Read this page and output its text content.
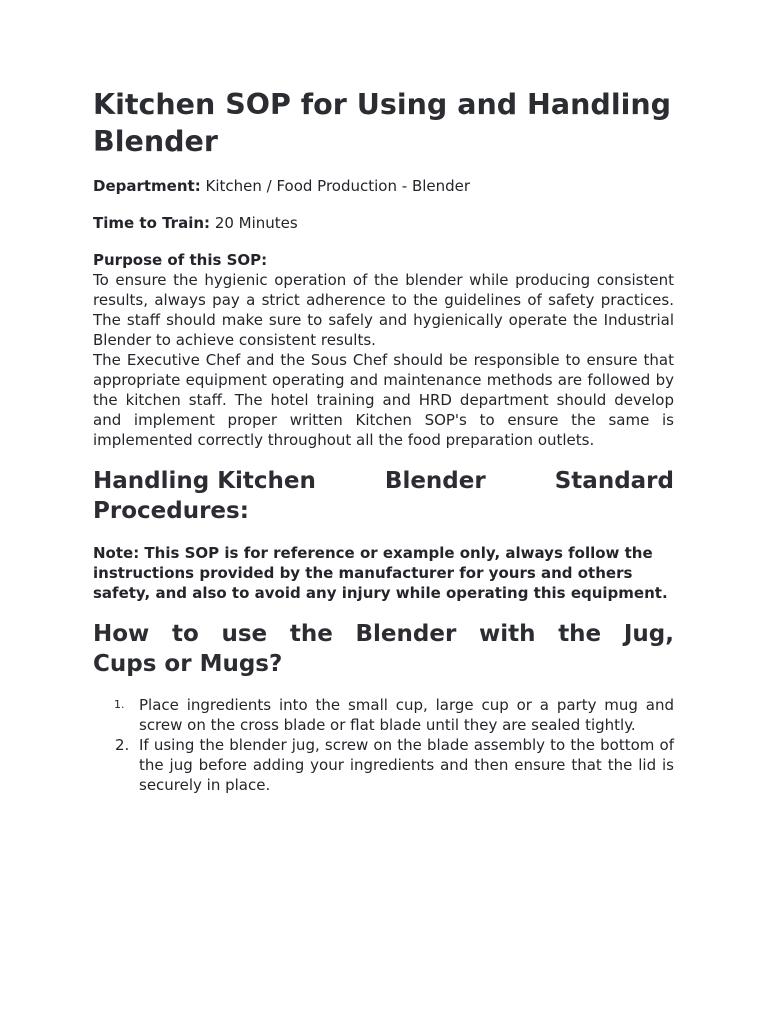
Kitchen SOP for Using and Handling Blender

Department: Kitchen / Food Production - Blender

Time to Train: 20 Minutes

Purpose of this SOP:

To ensure the hygienic operation of the blender while producing consistent results, always pay a strict adherence to the guidelines of safety practices. The staff should make sure to safely and hygienically operate the Industrial Blender to achieve consistent results.

The Executive Chef and the Sous Chef should be responsible to ensure that appropriate equipment operating and maintenance methods are followed by the kitchen staff. The hotel training and HRD department should develop and implement proper written Kitchen SOP's to ensure the same is implemented correctly throughout all the food preparation outlets.

Handling Kitchen	Blender	Standard
Procedures:

Note: This SOP is for reference or example only, always follow the instructions provided by the manufacturer for yours and others safety, and also to avoid any injury while operating this equipment.

How to use the Blender with the Jug,
Cups or Mugs?
1. Place ingredients into the small cup, large cup or a party mug and screw on the cross blade or flat blade until they are sealed tightly.
2. If using the blender jug, screw on the blade assembly to the bottom of the jug before adding your ingredients and then ensure that the lid is securely in place.
